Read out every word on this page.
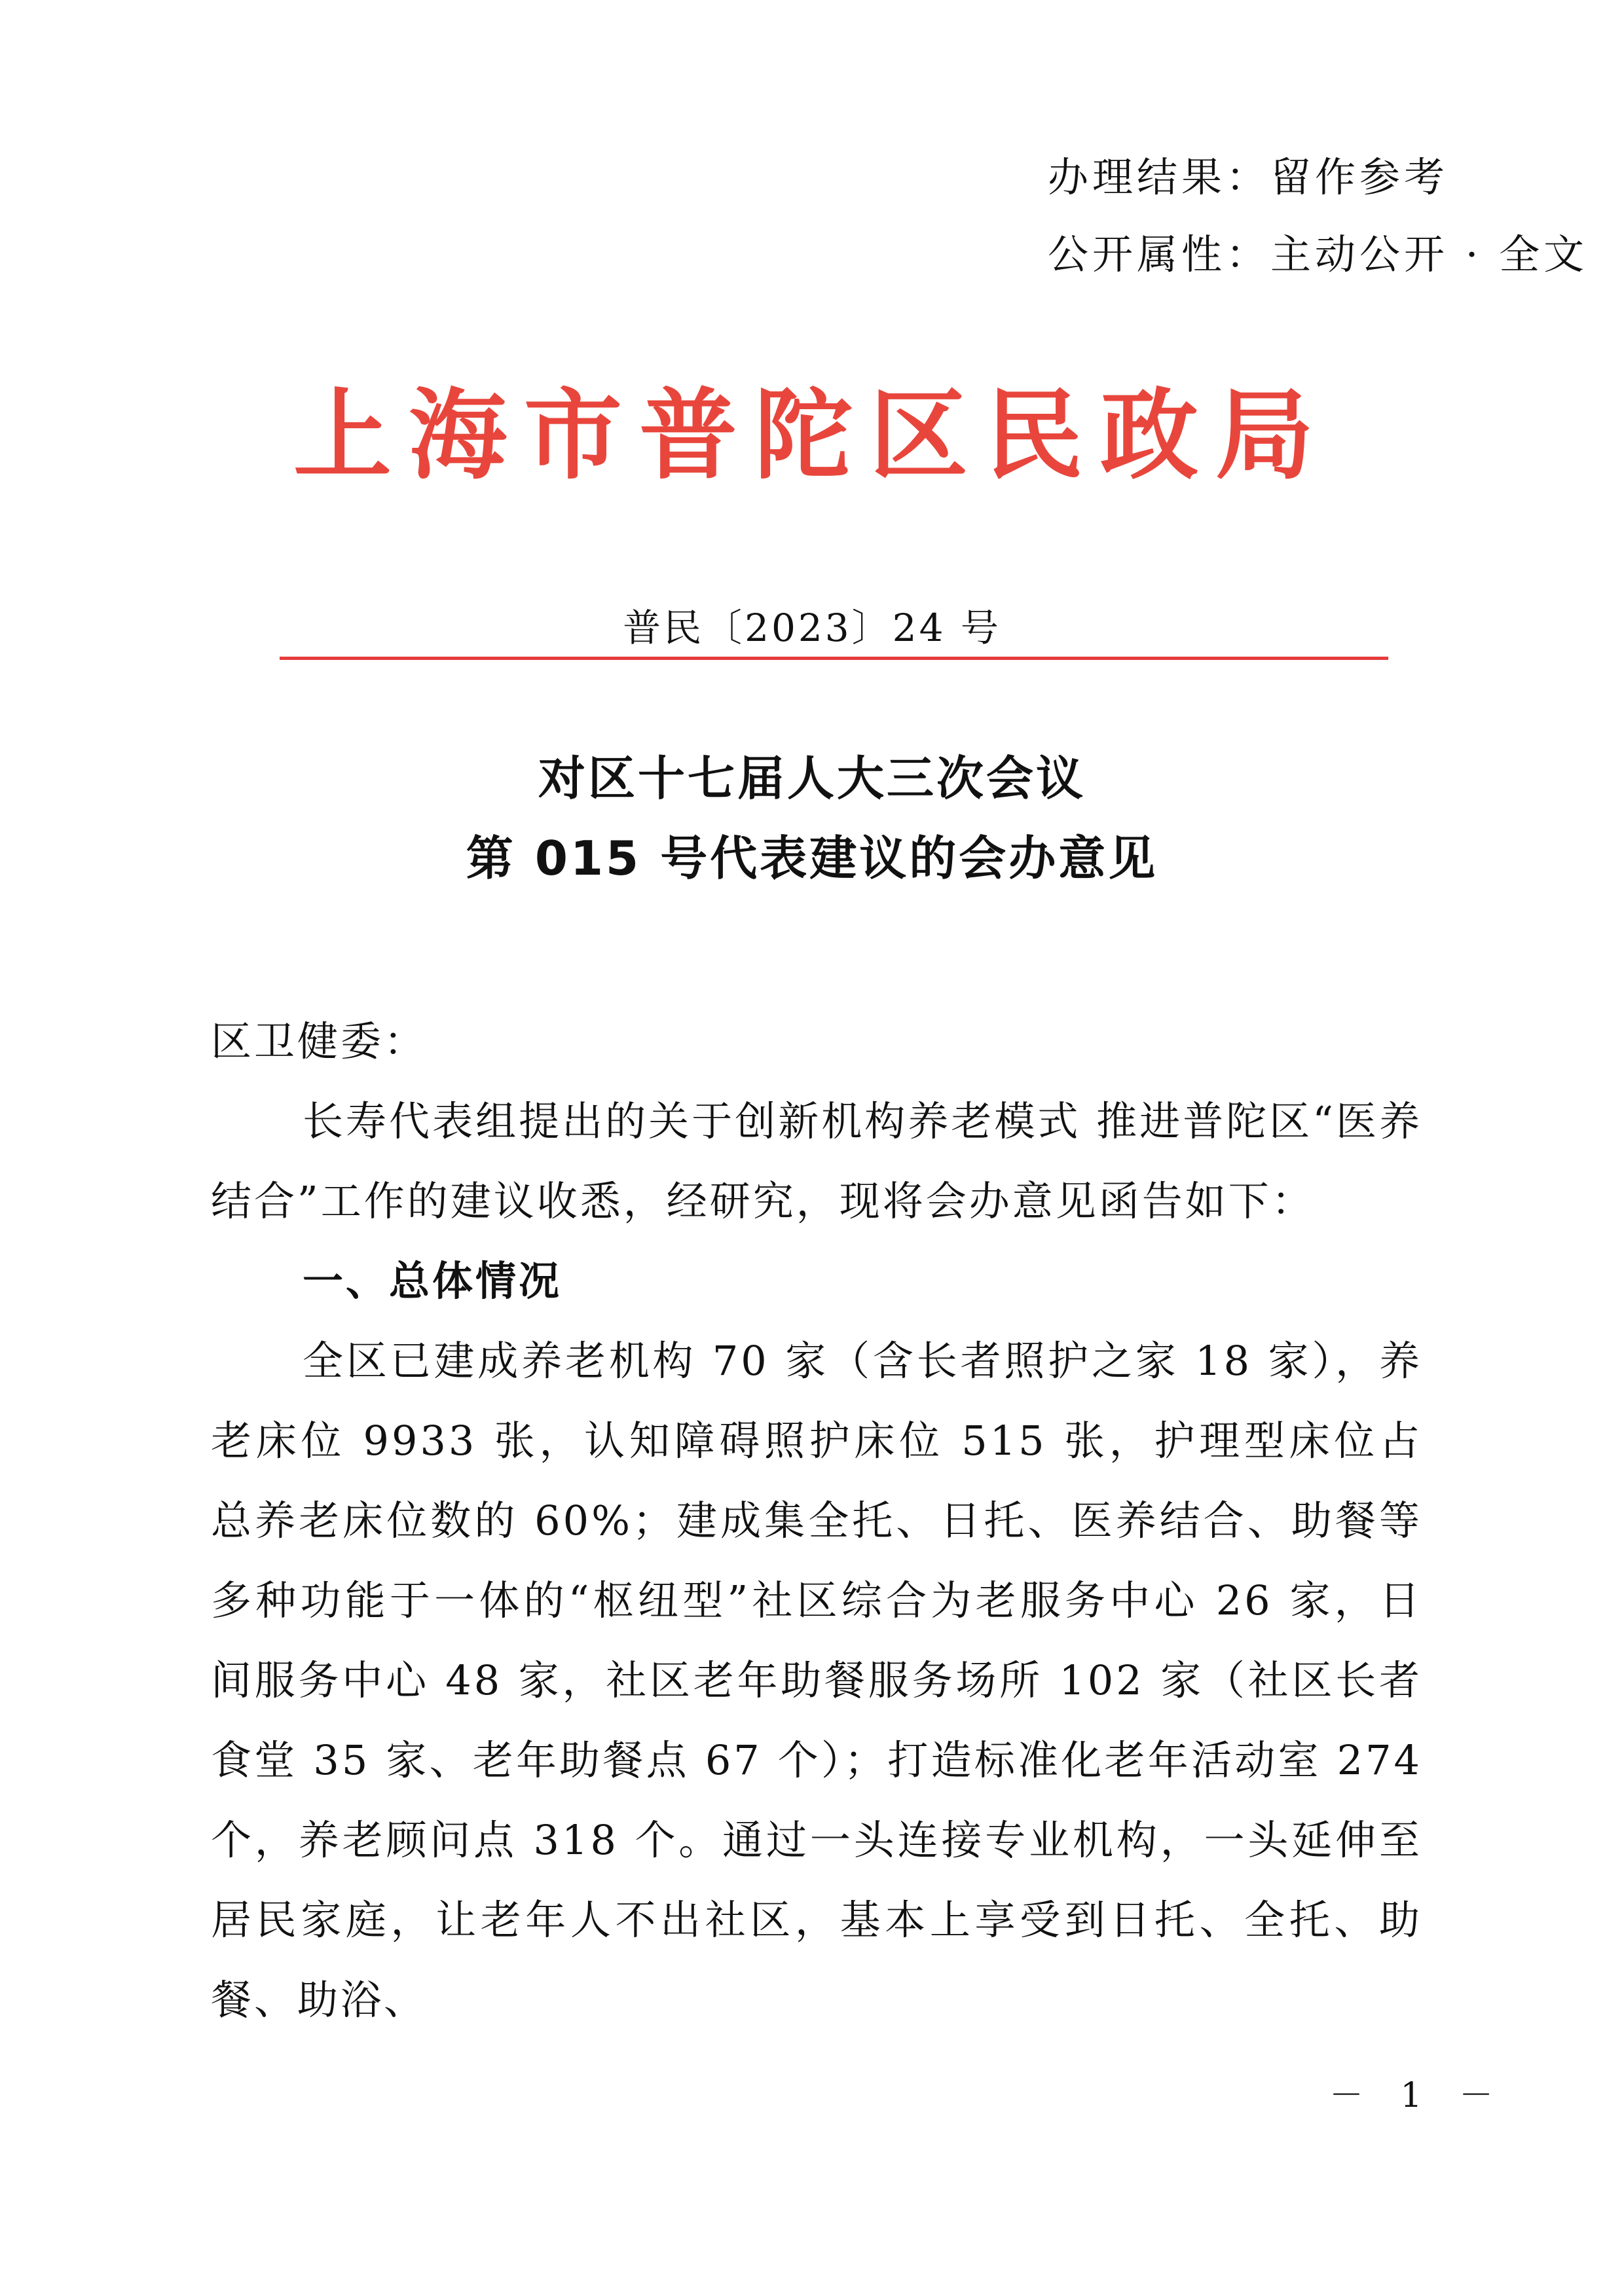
办理结果：留作参考
公开属性：主动公开 · 全文
上海市普陀区民政局
普民〔2023〕24 号
对区十七届人大三次会议
第 015 号代表建议的会办意见

区卫健委：

长寿代表组提出的关于创新机构养老模式 推进普陀区“医养结合”工作的建议收悉，经研究，现将会办意见函告如下：

一、总体情况

全区已建成养老机构 70 家（含长者照护之家 18 家），养老床位 9933 张，认知障碍照护床位 515 张，护理型床位占总养老床位数的 60%；建成集全托、日托、医养结合、助餐等多种功能于一体的“枢纽型”社区综合为老服务中心 26 家，日间服务中心 48 家，社区老年助餐服务场所 102 家（社区长者食堂 35 家、老年助餐点 67 个）；打造标准化老年活动室 274 个，养老顾问点 318 个。通过一头连接专业机构，一头延伸至居民家庭，让老年人不出社区，基本上享受到日托、全托、助餐、助浴、

－ 1 －
